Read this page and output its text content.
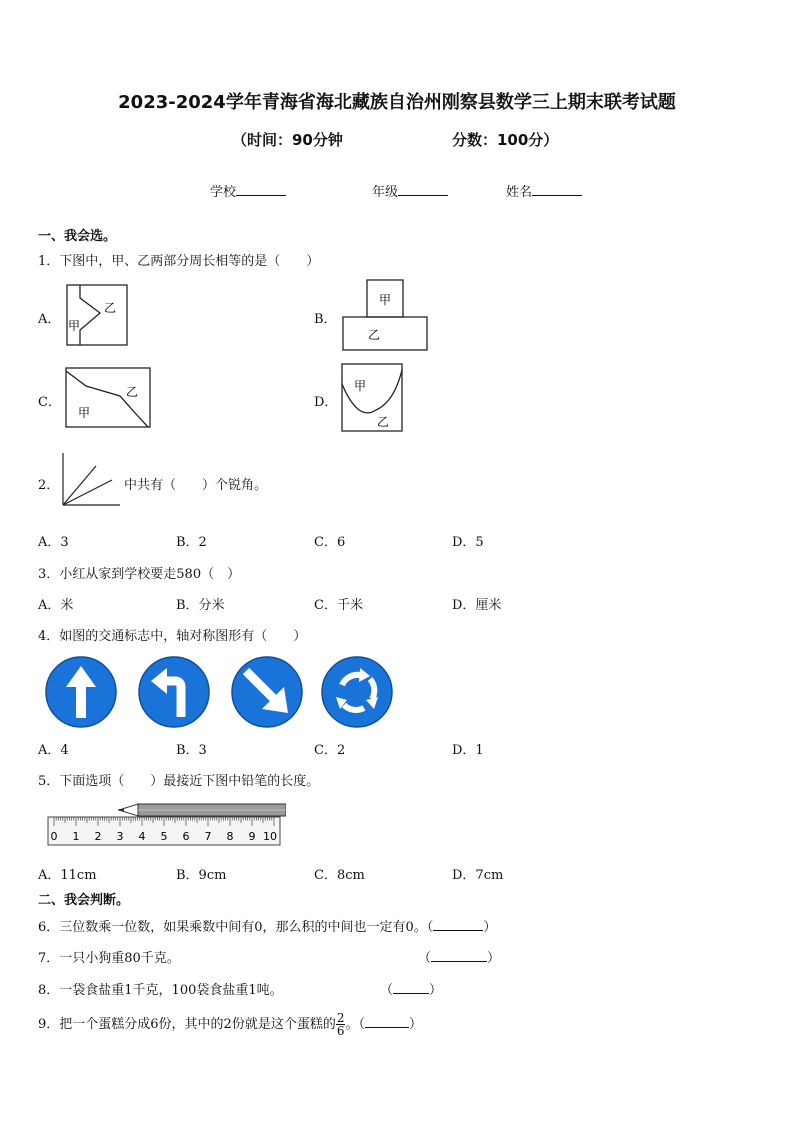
2023-2024学年青海省海北藏族自治州刚察县数学三上期末联考试题
（时间：90分钟	分数：100分）
学校	年级	姓名
一、我会选。
1．下图中，甲、乙两部分周长相等的是（　　）
A． 甲
乙
B．
甲
乙
C．
甲
乙
D．
甲
乙
2．	中共有（　　）个锐角。
A．3	B．2	C．6	D．5
3．小红从家到学校要走580（　）
A．米	B．分米	C．千米	D．厘米
4．如图的交通标志中，轴对称图形有（　　）
A．4	B．3	C．2	D．1
5．下面选项（　　）最接近下图中铅笔的长度。
0 1 2 3 4 5 6 7 8 9 10
A．11cm	B．9cm	C．8cm	D．7cm
二、我会判断。
6．三位数乘一位数，如果乘数中间有0，那么积的中间也一定有0。（	）
7．一只小狗重80千克。	（	）
8．一袋食盐重1千克，100袋食盐重1吨。	（	）
9．把一个蛋糕分成6份，其中的2份就是这个蛋糕的 $\frac{2}{6}$ 。（	）
